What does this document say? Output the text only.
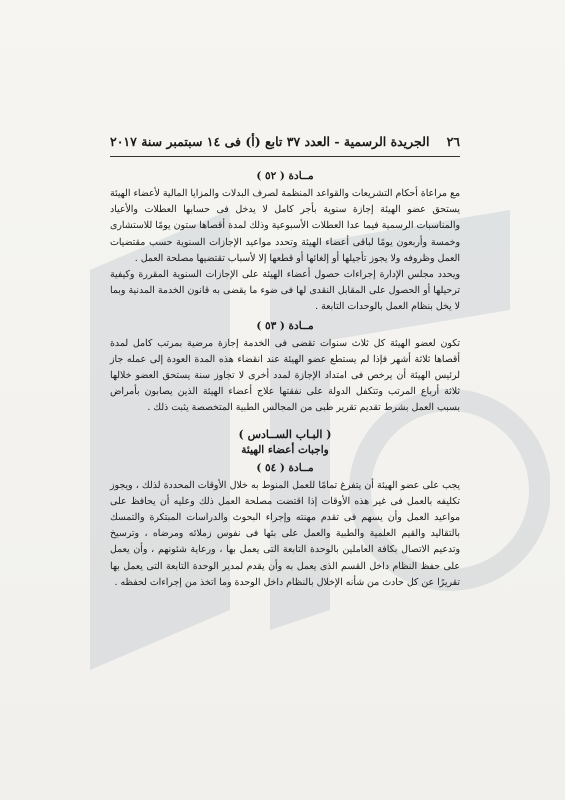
٢٦
الجريدة الرسمية - العدد ٣٧ تابع (أ) فى ١٤ سبتمبر سنة ٢٠١٧
مــادة ( ٥٢ )

مع مراعاة أحكام التشريعات والقواعد المنظمة لصرف البدلات والمزايا المالية لأعضاء الهيئة يستحق عضو الهيئة إجازة سنوية بأجر كامل لا يدخل فى حسابها العطلات والأعياد والمناسبات الرسمية فيما عدا العطلات الأسبوعية وذلك لمدة أقصاها ستون يومًا للاستشارى وخمسة وأربعون يومًا لباقى أعضاء الهيئة وتحدد مواعيد الإجازات السنوية حسب مقتضيات العمل وظروفه ولا يجوز تأجيلها أو إلغائها أو قطعها إلا لأسباب تقتضيها مصلحة العمل .

ويحدد مجلس الإدارة إجراءات حصول أعضاء الهيئة على الإجازات السنوية المقررة وكيفية ترحيلها أو الحصول على المقابل النقدى لها فى ضوء ما يقضى به قانون الخدمة المدنية وبما لا يخل بنظام العمل بالوحدات التابعة .

مــادة ( ٥٣ )

تكون لعضو الهيئة كل ثلاث سنوات تقضى فى الخدمة إجازة مرضية بمرتب كامل لمدة أقصاها ثلاثة أشهر فإذا لم يستطع عضو الهيئة عند انقضاء هذه المدة العودة إلى عمله جاز لرئيس الهيئة أن يرخص فى امتداد الإجازة لمدد أخرى لا تجاوز سنة يستحق العضو خلالها ثلاثة أرباع المرتب وتتكفل الدولة على نفقتها علاج أعضاء الهيئة الذين يصابون بأمراض بسبب العمل بشرط تقديم تقرير طبى من المجالس الطبية المتخصصة يثبت ذلك .

( البـاب الســادس )
واجبات أعضاء الهيئة
مــادة ( ٥٤ )

يجب على عضو الهيئة أن يتفرغ تمامًا للعمل المنوط به خلال الأوقات المحددة لذلك ، ويجوز تكليفه بالعمل فى غير هذه الأوقات إذا اقتضت مصلحة العمل ذلك وعليه أن يحافظ على مواعيد العمل وأن يسهم فى تقدم مهنته وإجراء البحوث والدراسات المبتكرة والتمسك بالتقاليد والقيم العلمية والطبية والعمل على بثها فى نفوس زملائه ومرضاه ، وترسيخ وتدعيم الاتصال بكافة العاملين بالوحدة التابعة التى يعمل بها ، ورعاية شئونهم ، وأن يعمل على حفظ النظام داخل القسم الذى يعمل به وأن يقدم لمدير الوحدة التابعة التى يعمل بها تقريرًا عن كل حادث من شأنه الإخلال بالنظام داخل الوحدة وما اتخذ من إجراءات لحفظه .
